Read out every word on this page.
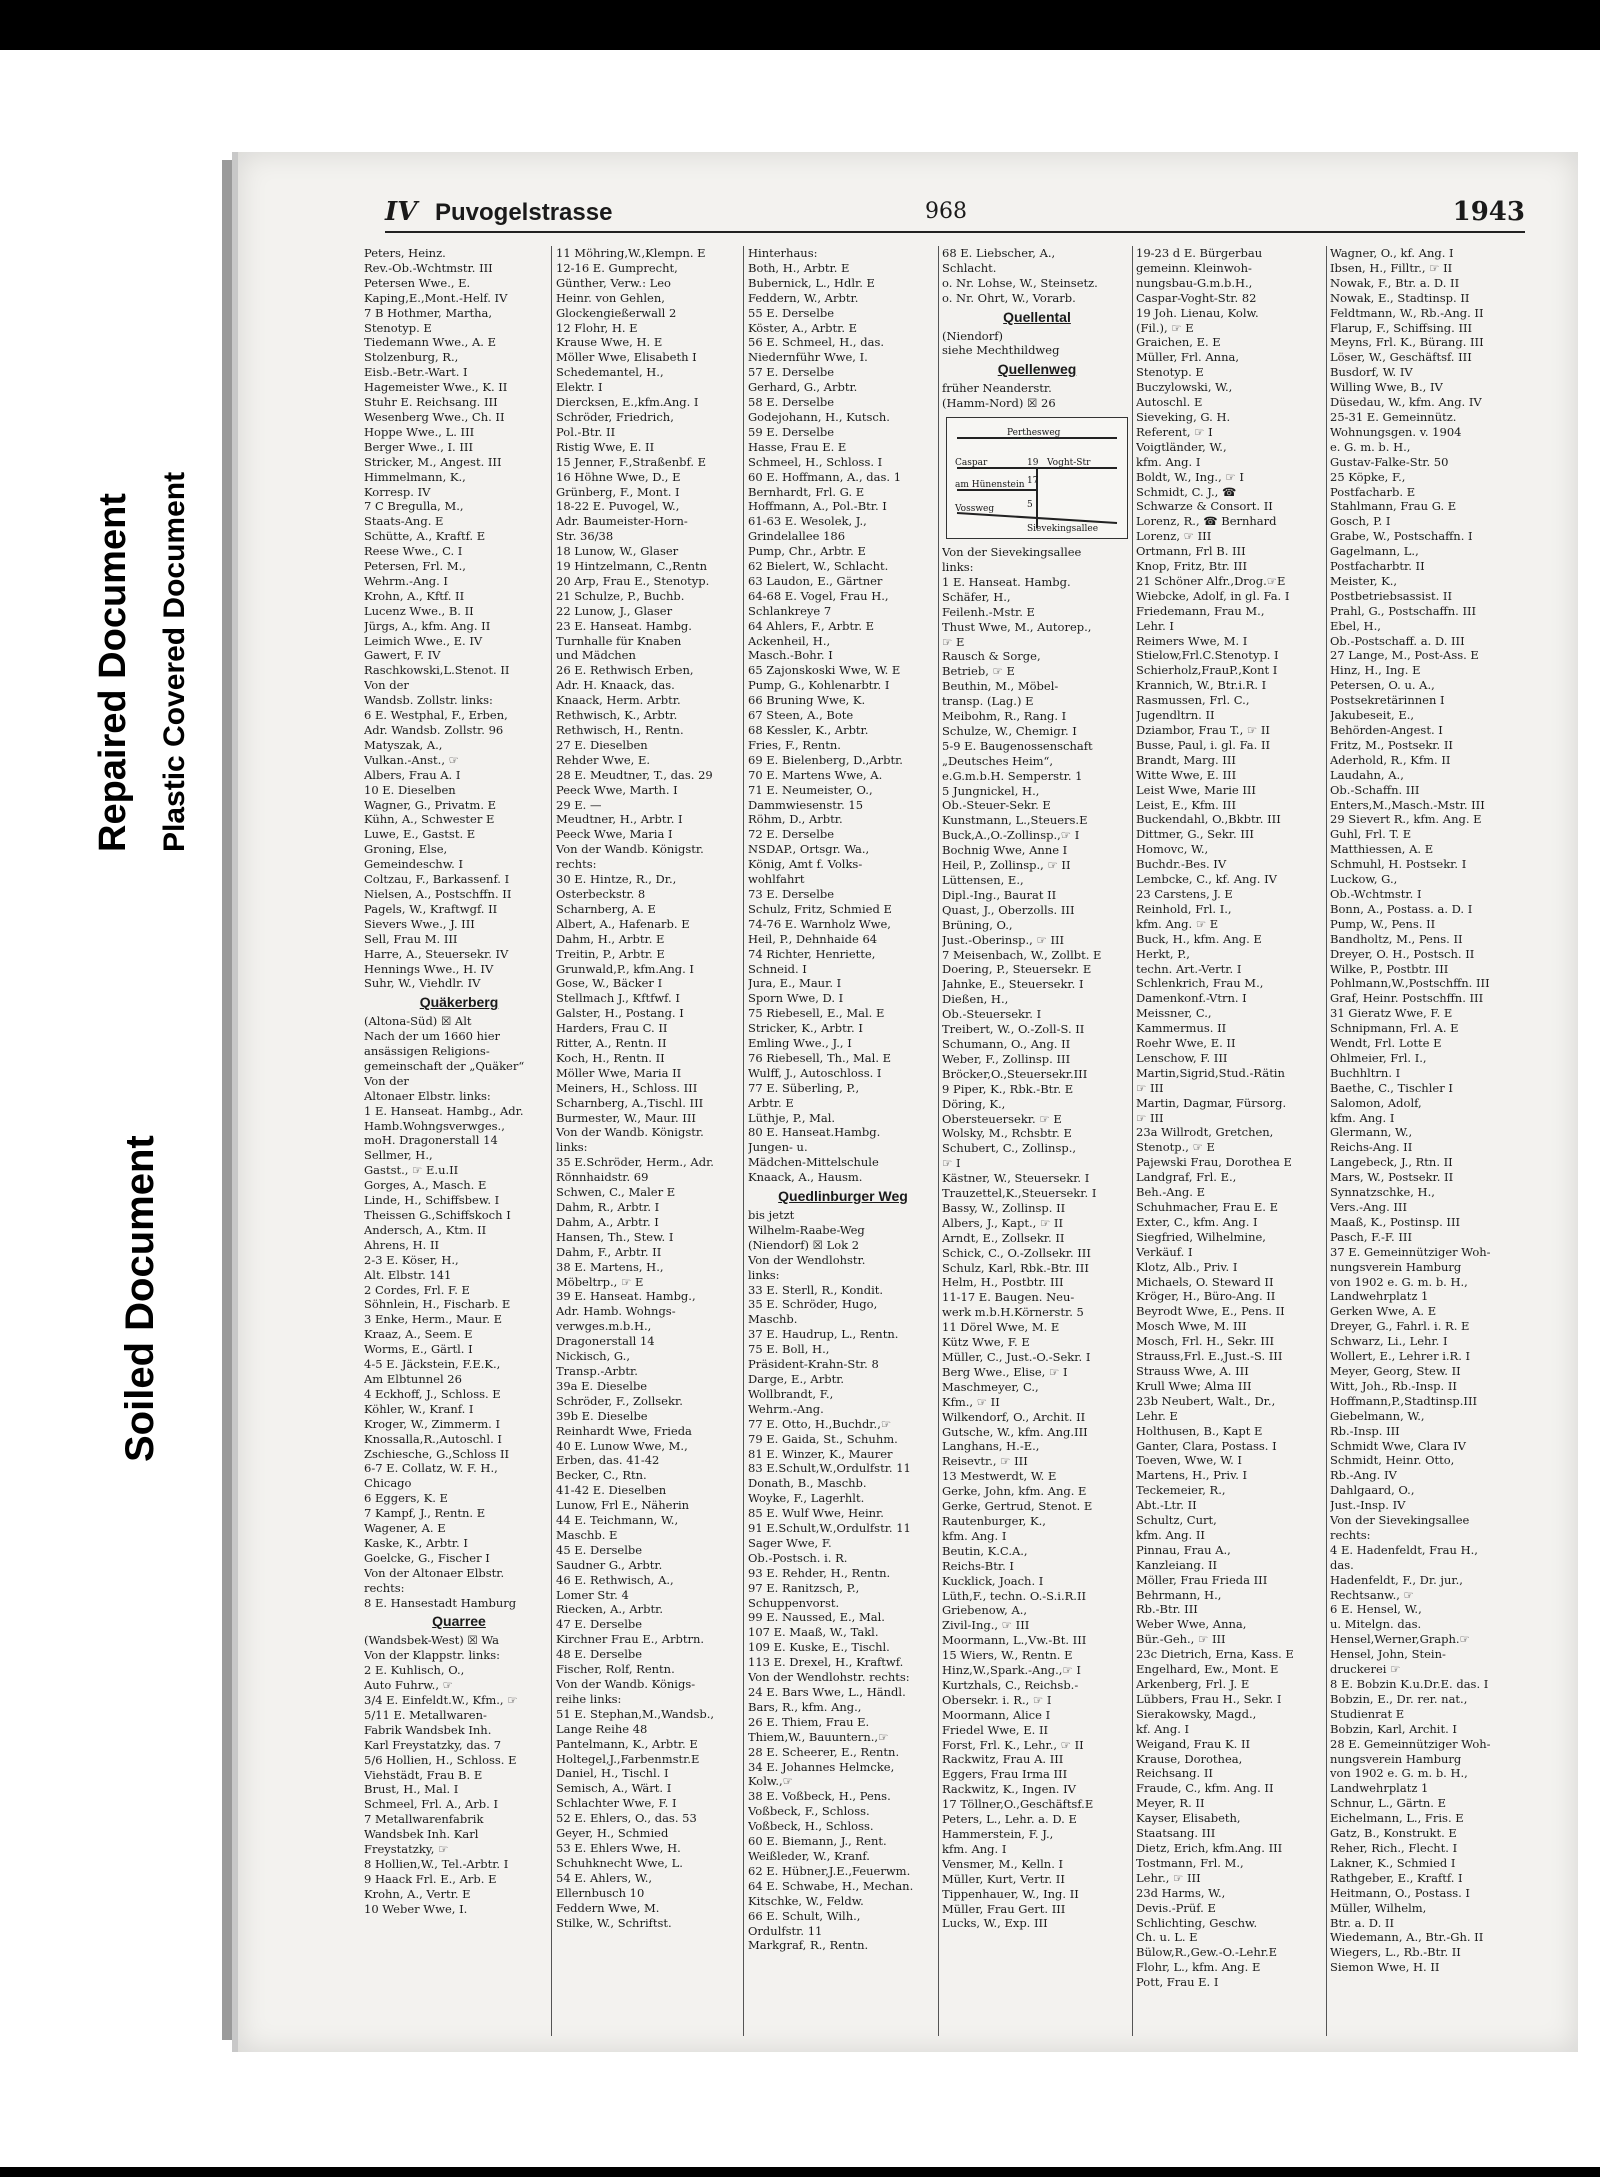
Repaired Document Plastic Covered Document
Soiled Document
IV Puvogelstrasse	968	1943
Peters, Heinz.
Rev.-Ob.-Wchtmstr. III
Petersen Wwe., E.
Kaping,E.,Mont.-Helf. IV
7 B Hothmer, Martha,
Stenotyp. E
Tiedemann Wwe., A. E
Stolzenburg, R.,
Eisb.-Betr.-Wart. I
Hagemeister Wwe., K. II
Stuhr E. Reichsang. III
Wesenberg Wwe., Ch. II
Hoppe Wwe., L. III
Berger Wwe., I. III
Stricker, M., Angest. III
Himmelmann, K.,
Korresp. IV
7 C Bregulla, M.,
Staats-Ang. E
Schütte, A., Kraftf. E
Reese Wwe., C. I
Petersen, Frl. M.,
Wehrm.-Ang. I
Krohn, A., Kftf. II
Lucenz Wwe., B. II
Jürgs, A., kfm. Ang. II
Leimich Wwe., E. IV
Gawert, F. IV
Raschkowski,L.Stenot. II
Von der
Wandsb. Zollstr. links:
6 E. Westphal, F., Erben,
Adr. Wandsb. Zollstr. 96
Matyszak, A.,
Vulkan.-Anst., ☞
Albers, Frau A. I
10 E. Dieselben
Wagner, G., Privatm. E
Kühn, A., Schwester E
Luwe, E., Gastst. E
Groning, Else,
Gemeindeschw. I
Coltzau, F., Barkassenf. I
Nielsen, A., Postschffn. II
Pagels, W., Kraftwgf. II
Sievers Wwe., J. III
Sell, Frau M. III
Harre, A., Steuersekr. IV
Hennings Wwe., H. IV
Suhr, W., Viehdlr. IV
Quäkerberg
(Altona-Süd) ☒ Alt
Nach der um 1660 hier
ansässigen Religions-
gemeinschaft der „Quäker“
Von der
Altonaer Elbstr. links:
1 E. Hanseat. Hambg., Adr.
Hamb.Wohngsverwges.,
moH. Dragonerstall 14
Sellmer, H.,
Gastst., ☞ E.u.II
Gorges, A., Masch. E
Linde, H., Schiffsbew. I
Theissen G.,Schiffskoch I
Andersch, A., Ktm. II
Ahrens, H. II
2-3 E. Köser, H.,
Alt. Elbstr. 141
2 Cordes, Frl. F. E
Söhnlein, H., Fischarb. E
3 Enke, Herm., Maur. E
Kraaz, A., Seem. E
Worms, E., Gärtl. I
4-5 E. Jäckstein, F.E.K.,
Am Elbtunnel 26
4 Eckhoff, J., Schloss. E
Köhler, W., Kranf. I
Kroger, W., Zimmerm. I
Knossalla,R.,Autoschl. I
Zschiesche, G.,Schloss II
6-7 E. Collatz, W. F. H.,
Chicago
6 Eggers, K. E
7 Kampf, J., Rentn. E
Wagener, A. E
Kaske, K., Arbtr. I
Goelcke, G., Fischer I
Von der Altonaer Elbstr.
rechts:
8 E. Hansestadt Hamburg
Quarree
(Wandsbek-West) ☒ Wa
Von der Klappstr. links:
2 E. Kuhlisch, O.,
Auto Fuhrw., ☞
3/4 E. Einfeldt.W., Kfm., ☞
5/11 E. Metallwaren-
Fabrik Wandsbek Inh.
Karl Freystatzky, das. 7
5/6 Hollien, H., Schloss. E
Viehstädt, Frau B. E
Brust, H., Mal. I
Schmeel, Frl. A., Arb. I
7 Metallwarenfabrik
Wandsbek Inh. Karl
Freystatzky, ☞
8 Hollien,W., Tel.-Arbtr. I
9 Haack Frl. E., Arb. E
Krohn, A., Vertr. E
10 Weber Wwe, I.
11 Möhring,W.,Klempn. E
12-16 E. Gumprecht,
Günther, Verw.: Leo
Heinr. von Gehlen,
Glockengießerwall 2
12 Flohr, H. E
Krause Wwe, H. E
Möller Wwe, Elisabeth I
Schedemantel, H.,
Elektr. I
Diercksen, E.,kfm.Ang. I
Schröder, Friedrich,
Pol.-Btr. II
Ristig Wwe, E. II
15 Jenner, F.,Straßenbf. E
16 Höhne Wwe, D., E
Grünberg, F., Mont. I
18-22 E. Puvogel, W.,
Adr. Baumeister-Horn-
Str. 36/38
18 Lunow, W., Glaser
19 Hintzelmann, C.,Rentn
20 Arp, Frau E., Stenotyp.
21 Schulze, P., Buchb.
22 Lunow, J., Glaser
23 E. Hanseat. Hambg.
Turnhalle für Knaben
und Mädchen
26 E. Rethwisch Erben,
Adr. H. Knaack, das.
Knaack, Herm. Arbtr.
Rethwisch, K., Arbtr.
Rethwisch, H., Rentn.
27 E. Dieselben
Rehder Wwe, E.
28 E. Meudtner, T., das. 29
Peeck Wwe, Marth. I
29 E. —
Meudtner, H., Arbtr. I
Peeck Wwe, Maria I
Von der Wandb. Königstr.
rechts:
30 E. Hintze, R., Dr.,
Osterbeckstr. 8
Scharnberg, A. E
Albert, A., Hafenarb. E
Dahm, H., Arbtr. E
Treitin, P., Arbtr. E
Grunwald,P., kfm.Ang. I
Gose, W., Bäcker I
Stellmach J., Kftfwf. I
Galster, H., Postang. I
Harders, Frau C. II
Ritter, A., Rentn. II
Koch, H., Rentn. II
Möller Wwe, Maria II
Meiners, H., Schloss. III
Scharnberg, A.,Tischl. III
Burmester, W., Maur. III
Von der Wandb. Königstr.
links:
35 E.Schröder, Herm., Adr.
Rönnhaidstr. 69
Schwen, C., Maler E
Dahm, R., Arbtr. I
Dahm, A., Arbtr. I
Hansen, Th., Stew. I
Dahm, F., Arbtr. II
38 E. Martens, H.,
Möbeltrp., ☞ E
39 E. Hanseat. Hambg.,
Adr. Hamb. Wohngs-
verwges.m.b.H.,
Dragonerstall 14
Nickisch, G.,
Transp.-Arbtr.
39a E. Dieselbe
Schröder, F., Zollsekr.
39b E. Dieselbe
Reinhardt Wwe, Frieda
40 E. Lunow Wwe, M.,
Erben, das. 41-42
Becker, C., Rtn.
41-42 E. Dieselben
Lunow, Frl E., Näherin
44 E. Teichmann, W.,
Maschb. E
45 E. Derselbe
Saudner G., Arbtr.
46 E. Rethwisch, A.,
Lomer Str. 4
Riecken, A., Arbtr.
47 E. Derselbe
Kirchner Frau E., Arbtrn.
48 E. Derselbe
Fischer, Rolf, Rentn.
Von der Wandb. Königs-
reihe links:
51 E. Stephan,M.,Wandsb.,
Lange Reihe 48
Pantelmann, K., Arbtr. E
Holtegel,J.,Farbenmstr.E
Daniel, H., Tischl. I
Semisch, A., Wärt. I
Schlachter Wwe, F. I
52 E. Ehlers, O., das. 53
Geyer, H., Schmied
53 E. Ehlers Wwe, H.
Schuhknecht Wwe, L.
54 E. Ahlers, W.,
Ellernbusch 10
Feddern Wwe, M.
Stilke, W., Schriftst.
Hinterhaus:
Both, H., Arbtr. E
Bubernick, L., Hdlr. E
Feddern, W., Arbtr.
55 E. Derselbe
Köster, A., Arbtr. E
56 E. Schmeel, H., das.
Niedernführ Wwe, I.
57 E. Derselbe
Gerhard, G., Arbtr.
58 E. Derselbe
Godejohann, H., Kutsch.
59 E. Derselbe
Hasse, Frau E. E
Schmeel, H., Schloss. I
60 E. Hoffmann, A., das. 1
Bernhardt, Frl. G. E
Hoffmann, A., Pol.-Btr. I
61-63 E. Wesolek, J.,
Grindelallee 186
Pump, Chr., Arbtr. E
62 Bielert, W., Schlacht.
63 Laudon, E., Gärtner
64-68 E. Vogel, Frau H.,
Schlankreye 7
64 Ahlers, F., Arbtr. E
Ackenheil, H.,
Masch.-Bohr. I
65 Zajonskoski Wwe, W. E
Pump, G., Kohlenarbtr. I
66 Bruning Wwe, K.
67 Steen, A., Bote
68 Kessler, K., Arbtr.
Fries, F., Rentn.
69 E. Bielenberg, D.,Arbtr.
70 E. Martens Wwe, A.
71 E. Neumeister, O.,
Dammwiesenstr. 15
Röhm, D., Arbtr.
72 E. Derselbe
NSDAP., Ortsgr. Wa.,
König, Amt f. Volks-
wohlfahrt
73 E. Derselbe
Schulz, Fritz, Schmied E
74-76 E. Warnholz Wwe,
Heil, P., Dehnhaide 64
74 Richter, Henriette,
Schneid. I
Jura, E., Maur. I
Sporn Wwe, D. I
75 Riebesell, E., Mal. E
Stricker, K., Arbtr. I
Emling Wwe., J., I
76 Riebesell, Th., Mal. E
Wulff, J., Autoschloss. I
77 E. Süberling, P.,
Arbtr. E
Lüthje, P., Mal.
80 E. Hanseat.Hambg.
Jungen- u.
Mädchen-Mittelschule
Knaack, A., Hausm.
Quedlinburger Weg
bis jetzt
Wilhelm-Raabe-Weg
(Niendorf) ☒ Lok 2
Von der Wendlohstr.
links:
33 E. Sterll, R., Kondit.
35 E. Schröder, Hugo,
Maschb.
37 E. Haudrup, L., Rentn.
75 E. Boll, H.,
Präsident-Krahn-Str. 8
Darge, E., Arbtr.
Wollbrandt, F.,
Wehrm.-Ang.
77 E. Otto, H.,Buchdr.,☞
79 E. Gaida, St., Schuhm.
81 E. Winzer, K., Maurer
83 E.Schult,W.,Ordulfstr. 11
Donath, B., Maschb.
Woyke, F., Lagerhlt.
85 E. Wulf Wwe, Heinr.
91 E.Schult,W.,Ordulfstr. 11
Sager Wwe, F.
Ob.-Postsch. i. R.
93 E. Rehder, H., Rentn.
97 E. Ranitzsch, P.,
Schuppenvorst.
99 E. Naussed, E., Mal.
107 E. Maaß, W., Takl.
109 E. Kuske, E., Tischl.
113 E. Drexel, H., Kraftwf.
Von der Wendlohstr. rechts:
24 E. Bars Wwe, L., Händl.
Bars, R., kfm. Ang.,
26 E. Thiem, Frau E.
Thiem,W., Bauuntern.,☞
28 E. Scheerer, E., Rentn.
34 E. Johannes Helmcke,
Kolw.,☞
38 E. Voßbeck, H., Pens.
Voßbeck, F., Schloss.
Voßbeck, H., Schloss.
60 E. Biemann, J., Rent.
Weißleder, W., Kranf.
62 E. Hübner,J.E.,Feuerwm.
64 E. Schwabe, H., Mechan.
Kitschke, W., Feldw.
66 E. Schult, Wilh.,
Ordulfstr. 11
Markgraf, R., Rentn.
68 E. Liebscher, A.,
Schlacht.
o. Nr. Lohse, W., Steinsetz.
o. Nr. Ohrt, W., Vorarb.
Quellental
(Niendorf)
siehe Mechthildweg
Quellenweg
früher Neanderstr.
(Hamm-Nord) ☒ 26
Perthesweg
Caspar	Voght-Str
am Hünenstein
Vossweg
Sievekingsallee
19
17
5
Von der Sievekingsallee
links:
1 E. Hanseat. Hambg.
Schäfer, H.,
Feilenh.-Mstr. E
Thust Wwe, M., Autorep.,
☞ E
Rausch & Sorge,
Betrieb, ☞ E
Beuthin, M., Möbel-
transp. (Lag.) E
Meibohm, R., Rang. I
Schulze, W., Chemigr. I
5-9 E. Baugenossenschaft
„Deutsches Heim“,
e.G.m.b.H. Semperstr. 1
5 Jungnickel, H.,
Ob.-Steuer-Sekr. E
Kunstmann, L.,Steuers.E
Buck,A.,O.-Zollinsp.,☞ I
Bochnig Wwe, Anne I
Heil, P., Zollinsp., ☞ II
Lüttensen, E.,
Dipl.-Ing., Baurat II
Quast, J., Oberzolls. III
Brüning, O.,
Just.-Oberinsp., ☞ III
7 Meisenbach, W., Zollbt. E
Doering, P., Steuersekr. E
Jahnke, E., Steuersekr. I
Dießen, H.,
Ob.-Steuersekr. I
Treibert, W., O.-Zoll-S. II
Schumann, O., Ang. II
Weber, F., Zollinsp. III
Bröcker,O.,Steuersekr.III
9 Piper, K., Rbk.-Btr. E
Döring, K.,
Obersteuersekr. ☞ E
Wolsky, M., Rchsbtr. E
Schubert, C., Zollinsp.,
☞ I
Kästner, W., Steuersekr. I
Trauzettel,K.,Steuersekr. I
Bassy, W., Zollinsp. II
Albers, J., Kapt., ☞ II
Arndt, E., Zollsekr. II
Schick, C., O.-Zollsekr. III
Schulz, Karl, Rbk.-Btr. III
Helm, H., Postbtr. III
11-17 E. Baugen. Neu-
werk m.b.H.Körnerstr. 5
11 Dörel Wwe, M. E
Kütz Wwe, F. E
Müller, C., Just.-O.-Sekr. I
Berg Wwe., Elise, ☞ I
Maschmeyer, C.,
Kfm., ☞ II
Wilkendorf, O., Archit. II
Gutsche, W., kfm. Ang.III
Langhans, H.-E.,
Reisevtr., ☞ III
13 Mestwerdt, W. E
Gerke, John, kfm. Ang. E
Gerke, Gertrud, Stenot. E
Rautenburger, K.,
kfm. Ang. I
Beutin, K.C.A.,
Reichs-Btr. I
Kucklick, Joach. I
Lüth,F., techn. O.-S.i.R.II
Griebenow, A.,
Zivil-Ing., ☞ III
Moormann, L.,Vw.-Bt. III
15 Wiers, W., Rentn. E
Hinz,W.,Spark.-Ang.,☞ I
Kurtzhals, C., Reichsb.-
Obersekr. i. R., ☞ I
Moormann, Alice I
Friedel Wwe, E. II
Forst, Frl. K., Lehr., ☞ II
Rackwitz, Frau A. III
Eggers, Frau Irma III
Rackwitz, K., Ingen. IV
17 Töllner,O.,Geschäftsf.E
Peters, L., Lehr. a. D. E
Hammerstein, F. J.,
kfm. Ang. I
Vensmer, M., Kelln. I
Müller, Kurt, Vertr. II
Tippenhauer, W., Ing. II
Müller, Frau Gert. III
Lucks, W., Exp. III
19-23 d E. Bürgerbau
gemeinn. Kleinwoh-
nungsbau-G.m.b.H.,
Caspar-Voght-Str. 82
19 Joh. Lienau, Kolw.
(Fil.), ☞ E
Graichen, E. E
Müller, Frl. Anna,
Stenotyp. E
Buczylowski, W.,
Autoschl. E
Sieveking, G. H.
Referent, ☞ I
Voigtländer, W.,
kfm. Ang. I
Boldt, W., Ing., ☞ I
Schmidt, C. J., ☎
Schwarze & Consort. II
Lorenz, R., ☎ Bernhard
Lorenz, ☞ III
Ortmann, Frl B. III
Knop, Fritz, Btr. III
21 Schöner Alfr.,Drog.☞E
Wiebcke, Adolf, in gl. Fa. I
Friedemann, Frau M.,
Lehr. I
Reimers Wwe, M. I
Stielow,Frl.C.Stenotyp. I
Schierholz,FrauP.,Kont I
Krannich, W., Btr.i.R. I
Rasmussen, Frl. C.,
Jugendltrn. II
Dziambor, Frau T., ☞ II
Busse, Paul, i. gl. Fa. II
Brandt, Marg. III
Witte Wwe, E. III
Leist Wwe, Marie III
Leist, E., Kfm. III
Buckendahl, O.,Bkbtr. III
Dittmer, G., Sekr. III
Homovc, W.,
Buchdr.-Bes. IV
Lembcke, C., kf. Ang. IV
23 Carstens, J. E
Reinhold, Frl. I.,
kfm. Ang. ☞ E
Buck, H., kfm. Ang. E
Herkt, P.,
techn. Art.-Vertr. I
Schlenkrich, Frau M.,
Damenkonf.-Vtrn. I
Meissner, C.,
Kammermus. II
Roehr Wwe, E. II
Lenschow, F. III
Martin,Sigrid,Stud.-Rätin
☞ III
Martin, Dagmar, Fürsorg.
☞ III
23a Willrodt, Gretchen,
Stenotp., ☞ E
Pajewski Frau, Dorothea E
Landgraf, Frl. E.,
Beh.-Ang. E
Schuhmacher, Frau E. E
Exter, C., kfm. Ang. I
Siegfried, Wilhelmine,
Verkäuf. I
Klotz, Alb., Priv. I
Michaels, O. Steward II
Kröger, H., Büro-Ang. II
Beyrodt Wwe, E., Pens. II
Mosch Wwe, M. III
Mosch, Frl. H., Sekr. III
Strauss,Frl. E.,Just.-S. III
Strauss Wwe, A. III
Krull Wwe; Alma III
23b Neubert, Walt., Dr.,
Lehr. E
Holthusen, B., Kapt E
Ganter, Clara, Postass. I
Toeven, Wwe, W. I
Martens, H., Priv. I
Teckemeier, R.,
Abt.-Ltr. II
Schultz, Curt,
kfm. Ang. II
Pinnau, Frau A.,
Kanzleiang. II
Möller, Frau Frieda III
Behrmann, H.,
Rb.-Btr. III
Weber Wwe, Anna,
Bür.-Geh., ☞ III
23c Dietrich, Erna, Kass. E
Engelhard, Ew., Mont. E
Arkenberg, Frl. J. E
Lübbers, Frau H., Sekr. I
Sierakowsky, Magd.,
kf. Ang. I
Weigand, Frau K. II
Krause, Dorothea,
Reichsang. II
Fraude, C., kfm. Ang. II
Meyer, R. II
Kayser, Elisabeth,
Staatsang. III
Dietz, Erich, kfm.Ang. III
Tostmann, Frl. M.,
Lehr., ☞ III
23d Harms, W.,
Devis.-Prüf. E
Schlichting, Geschw.
Ch. u. L. E
Bülow,R.,Gew.-O.-Lehr.E
Flohr, L., kfm. Ang. E
Pott, Frau E. I
Wagner, O., kf. Ang. I
Ibsen, H., Filltr., ☞ II
Nowak, F., Btr. a. D. II
Nowak, E., Stadtinsp. II
Feldtmann, W., Rb.-Ang. II
Flarup, F., Schiffsing. III
Meyns, Frl. K., Bürang. III
Löser, W., Geschäftsf. III
Busdorf, W. IV
Willing Wwe, B., IV
Düsedau, W., kfm. Ang. IV
25-31 E. Gemeinnütz.
Wohnungsgen. v. 1904
e. G. m. b. H.,
Gustav-Falke-Str. 50
25 Köpke, F.,
Postfacharb. E
Stahlmann, Frau G. E
Gosch, P. I
Grabe, W., Postschaffn. I
Gagelmann, L.,
Postfacharbtr. II
Meister, K.,
Postbetriebsassist. II
Prahl, G., Postschaffn. III
Ebel, H.,
Ob.-Postschaff. a. D. III
27 Lange, M., Post-Ass. E
Hinz, H., Ing. E
Petersen, O. u. A.,
Postsekretärinnen I
Jakubeseit, E.,
Behörden-Angest. I
Fritz, M., Postsekr. II
Aderhold, R., Kfm. II
Laudahn, A.,
Ob.-Schaffn. III
Enters,M.,Masch.-Mstr. III
29 Sievert R., kfm. Ang. E
Guhl, Frl. T. E
Matthiessen, A. E
Schmuhl, H. Postsekr. I
Luckow, G.,
Ob.-Wchtmstr. I
Bonn, A., Postass. a. D. I
Pump, W., Pens. II
Bandholtz, M., Pens. II
Dreyer, O. H., Postsch. II
Wilke, P., Postbtr. III
Pohlmann,W.,Postschffn. III
Graf, Heinr. Postschffn. III
31 Gieratz Wwe, F. E
Schnipmann, Frl. A. E
Wendt, Frl. Lotte E
Ohlmeier, Frl. I.,
Buchhltrn. I
Baethe, C., Tischler I
Salomon, Adolf,
kfm. Ang. I
Glermann, W.,
Reichs-Ang. II
Langebeck, J., Rtn. II
Mars, W., Postsekr. II
Synnatzschke, H.,
Vers.-Ang. III
Maaß, K., Postinsp. III
Pasch, F.-F. III
37 E. Gemeinnütziger Woh-
nungsverein Hamburg
von 1902 e. G. m. b. H.,
Landwehrplatz 1
Gerken Wwe, A. E
Dreyer, G., Fahrl. i. R. E
Schwarz, Li., Lehr. I
Wollert, E., Lehrer i.R. I
Meyer, Georg, Stew. II
Witt, Joh., Rb.-Insp. II
Hoffmann,P.,Stadtinsp.III
Giebelmann, W.,
Rb.-Insp. III
Schmidt Wwe, Clara IV
Schmidt, Heinr. Otto,
Rb.-Ang. IV
Dahlgaard, O.,
Just.-Insp. IV
Von der Sievekingsallee
rechts:
4 E. Hadenfeldt, Frau H.,
das.
Hadenfeldt, F., Dr. jur.,
Rechtsanw., ☞
6 E. Hensel, W.,
u. Mitelgn. das.
Hensel,Werner,Graph.☞
Hensel, John, Stein-
druckerei ☞
8 E. Bobzin K.u.Dr.E. das. I
Bobzin, E., Dr. rer. nat.,
Studienrat E
Bobzin, Karl, Archit. I
28 E. Gemeinnütziger Woh-
nungsverein Hamburg
von 1902 e. G. m. b. H.,
Landwehrplatz 1
Schnur, L., Gärtn. E
Eichelmann, L., Fris. E
Gatz, B., Konstrukt. E
Reher, Rich., Flecht. I
Lakner, K., Schmied I
Rathgeber, E., Kraftf. I
Heitmann, O., Postass. I
Müller, Wilhelm,
Btr. a. D. II
Wiedemann, A., Btr.-Gh. II
Wiegers, L., Rb.-Btr. II
Siemon Wwe, H. II
